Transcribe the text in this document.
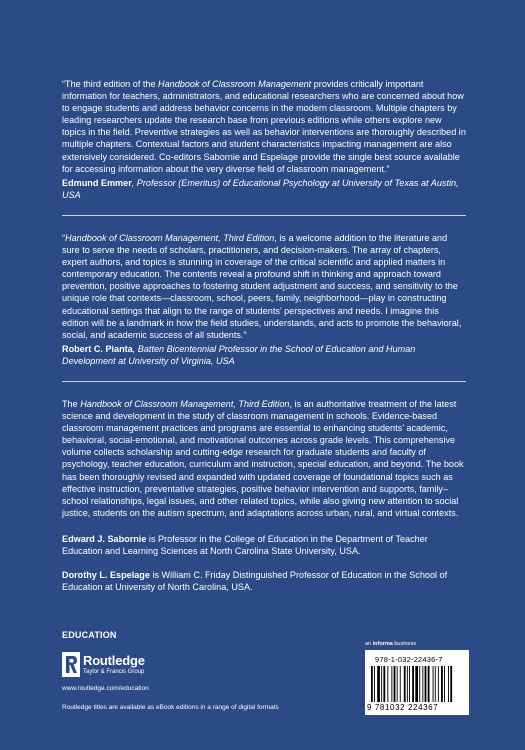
“The third edition of the Handbook of Classroom Management provides critically important information for teachers, administrators, and educational researchers who are concerned about how to engage students and address behavior concerns in the modern classroom. Multiple chapters by leading researchers update the research base from previous editions while others explore new topics in the field. Preventive strategies as well as behavior interventions are thoroughly described in multiple chapters. Contextual factors and student characteristics impacting management are also extensively considered. Co-editors Sabornie and Espelage provide the single best source available for accessing information about the very diverse field of classroom management.”

Edmund Emmer, Professor (Emeritus) of Educational Psychology at University of Texas at Austin, USA

“Handbook of Classroom Management, Third Edition, is a welcome addition to the literature and sure to serve the needs of scholars, practitioners, and decision-makers. The array of chapters, expert authors, and topics is stunning in coverage of the critical scientific and applied matters in contemporary education. The contents reveal a profound shift in thinking and approach toward prevention, positive approaches to fostering student adjustment and success, and sensitivity to the unique role that contexts—classroom, school, peers, family, neighborhood—play in constructing educational settings that align to the range of students’ perspectives and needs. I imagine this edition will be a landmark in how the field studies, understands, and acts to promote the behavioral, social, and academic success of all students.”

Robert C. Pianta, Batten Bicentennial Professor in the School of Education and Human Development at University of Virginia, USA

The Handbook of Classroom Management, Third Edition, is an authoritative treatment of the latest science and development in the study of classroom management in schools. Evidence-based classroom management practices and programs are essential to enhancing students’ academic, behavioral, social-emotional, and motivational outcomes across grade levels. This comprehensive volume collects scholarship and cutting-edge research for graduate students and faculty of psychology, teacher education, curriculum and instruction, special education, and beyond. The book has been thoroughly revised and expanded with updated coverage of foundational topics such as effective instruction, preventative strategies, positive behavior intervention and supports, family–school relationships, legal issues, and other related topics, while also giving new attention to social justice, students on the autism spectrum, and adaptations across urban, rural, and virtual contexts.

Edward J. Sabornie is Professor in the College of Education in the Department of Teacher Education and Learning Sciences at North Carolina State University, USA.

Dorothy L. Espelage is William C. Friday Distinguished Professor of Education in the School of Education at University of North Carolina, USA.

EDUCATION
Routledge
Taylor & Francis Group
www.routledge.com/education
Routledge titles are available as eBook editions in a range of digital formats
an informa business
978-1-032-22436-7
9 781032 224367
